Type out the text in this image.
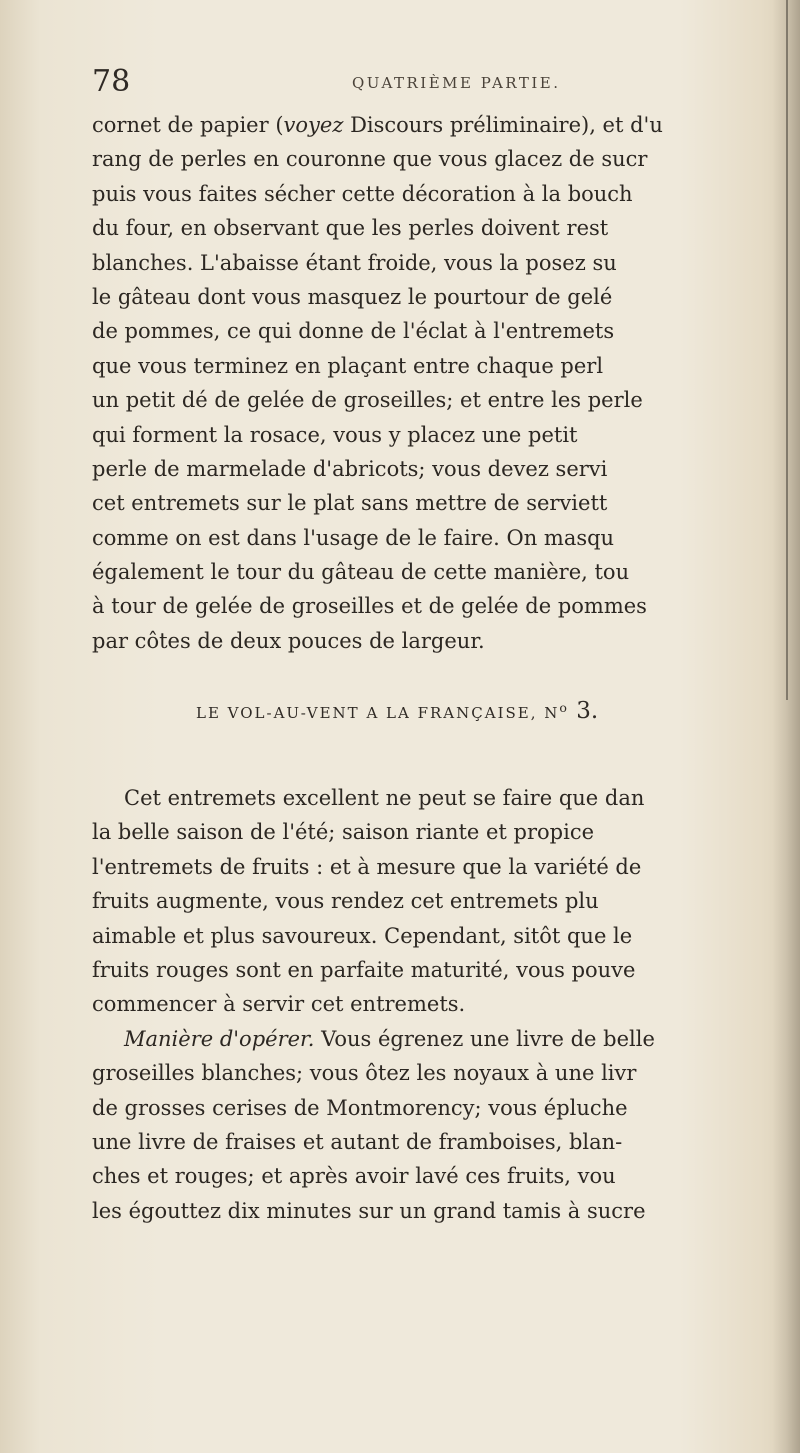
78	QUATRIÈME PARTIE.
cornet de papier (voyez Discours préliminaire), et d'u
rang de perles en couronne que vous glacez de sucr
puis vous faites sécher cette décoration à la bouch
du four, en observant que les perles doivent rest
blanches. L'abaisse étant froide, vous la posez su
le gâteau dont vous masquez le pourtour de gelé
de pommes, ce qui donne de l'éclat à l'entremets
que vous terminez en plaçant entre chaque perl
un petit dé de gelée de groseilles; et entre les perle
qui forment la rosace, vous y placez une petit
perle de marmelade d'abricots; vous devez servi
cet entremets sur le plat sans mettre de serviett
comme on est dans l'usage de le faire. On masqu
également le tour du gâteau de cette manière, tou
à tour de gelée de groseilles et de gelée de pommes
par côtes de deux pouces de largeur.
LE VOL-AU-VENT A LA FRANÇAISE, $N^o$ 3.
Cet entremets excellent ne peut se faire que dan
la belle saison de l'été; saison riante et propice
l'entremets de fruits : et à mesure que la variété de
fruits augmente, vous rendez cet entremets plu
aimable et plus savoureux. Cependant, sitôt que le
fruits rouges sont en parfaite maturité, vous pouve
commencer à servir cet entremets.
Manière d'opérer. Vous égrenez une livre de belle
groseilles blanches; vous ôtez les noyaux à une livr
de grosses cerises de Montmorency; vous épluche
une livre de fraises et autant de framboises, blan-
ches et rouges; et après avoir lavé ces fruits, vou
les égouttez dix minutes sur un grand tamis à sucre
